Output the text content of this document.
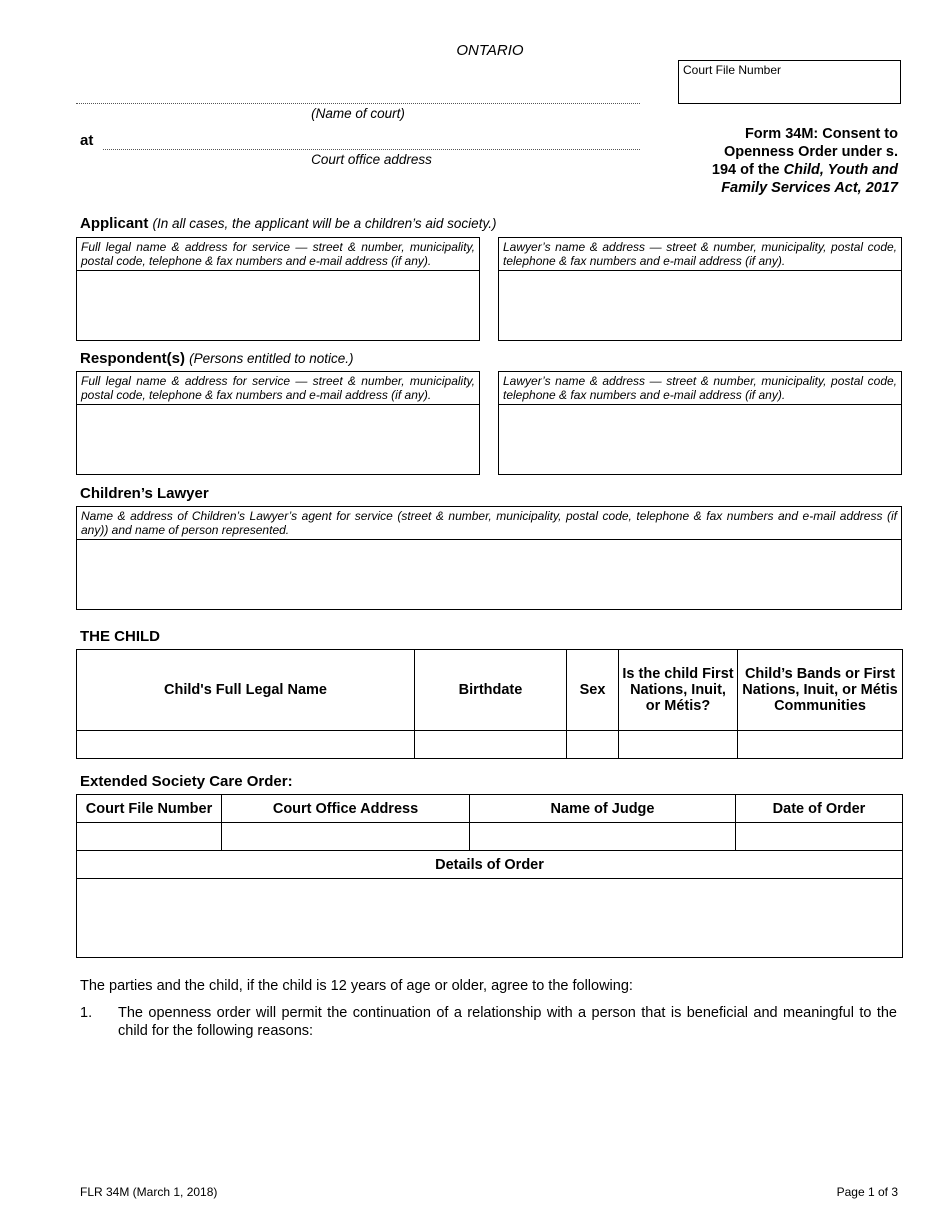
ONTARIO
Court File Number
(Name of court)
at
Court office address
Form 34M: Consent to
Openness Order under s.
194 of the Child, Youth and
Family Services Act, 2017
Applicant (In all cases, the applicant will be a children’s aid society.)
Full legal name & address for service — street & number, municipality, postal code, telephone & fax numbers and e-mail address (if any).
Lawyer’s name & address — street & number, municipality, postal code, telephone & fax numbers and e-mail address (if any).
Respondent(s) (Persons entitled to notice.)
Full legal name & address for service — street & number, municipality, postal code, telephone & fax numbers and e-mail address (if any).
Lawyer’s name & address — street & number, municipality, postal code, telephone & fax numbers and e-mail address (if any).
Children’s Lawyer
Name & address of Children’s Lawyer’s agent for service (street & number, municipality, postal code, telephone & fax numbers and e-mail address (if any)) and name of person represented.
THE CHILD
Child's Full Legal Name	Birthdate	Sex	Is the child First Nations, Inuit, or Métis?	Child’s Bands or First Nations, Inuit, or Métis Communities

Extended Society Care Order:
Court File Number	Court Office Address	Name of Judge	Date of Order

Details of Order			

The parties and the child, if the child is 12 years of age or older, agree to the following:
1. The openness order will permit the continuation of a relationship with a person that is beneficial and meaningful to the child for the following reasons:
FLR 34M (March 1, 2018)	Page 1 of 3
